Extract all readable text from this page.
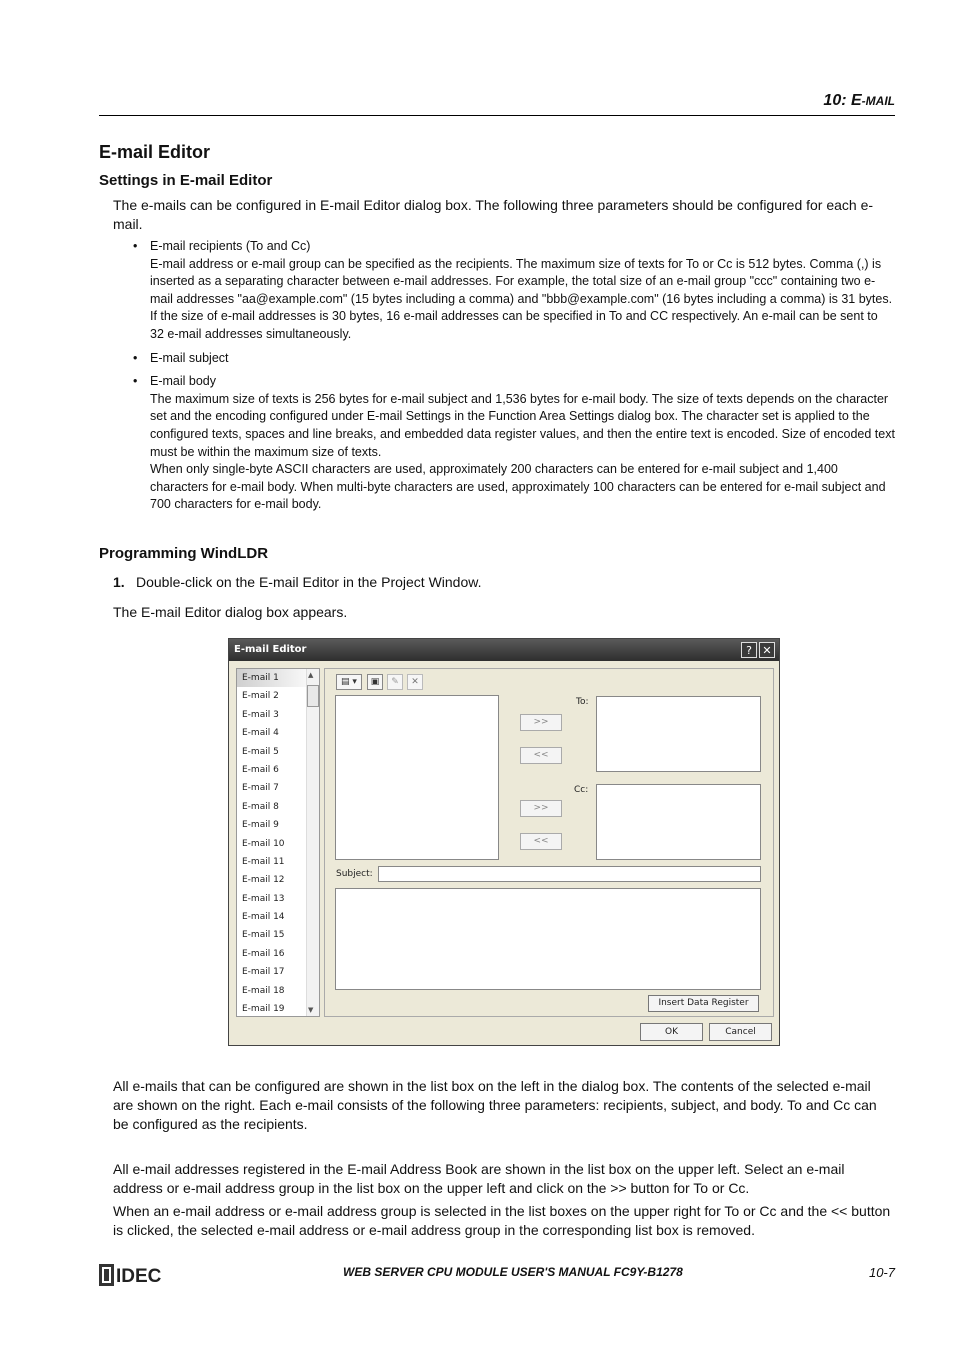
10: E-MAIL
E-mail Editor
Settings in E-mail Editor
The e-mails can be configured in E-mail Editor dialog box. The following three parameters should be configured for each e-mail.
• E-mail recipients (To and Cc)
E-mail address or e-mail group can be specified as the recipients. The maximum size of texts for To or Cc is 512 bytes. Comma (,) is inserted as a separating character between e-mail addresses. For example, the total size of an e-mail group "ccc" containing two e-mail addresses "aa@example.com" (15 bytes including a comma) and "bbb@example.com" (16 bytes including a comma) is 31 bytes. If the size of e-mail addresses is 30 bytes, 16 e-mail addresses can be specified in To and CC respectively. An e-mail can be sent to 32 e-mail addresses simultaneously.
• E-mail subject
• E-mail body
The maximum size of texts is 256 bytes for e-mail subject and 1,536 bytes for e-mail body. The size of texts depends on the character set and the encoding configured under E-mail Settings in the Function Area Settings dialog box. The character set is applied to the configured texts, spaces and line breaks, and embedded data register values, and then the entire text is encoded. Size of encoded text must be within the maximum size of texts.
When only single-byte ASCII characters are used, approximately 200 characters can be entered for e-mail subject and 1,400 characters for e-mail body. When multi-byte characters are used, approximately 100 characters can be entered for e-mail subject and 700 characters for e-mail body.
Programming WindLDR
1. Double-click on the E-mail Editor in the Project Window.
The E-mail Editor dialog box appears.
E-mail Editor	? ✕
E-mail 1
E-mail 2
E-mail 3
E-mail 4
E-mail 5
E-mail 6
E-mail 7
E-mail 8
E-mail 9
E-mail 10
E-mail 11
E-mail 12
E-mail 13
E-mail 14
E-mail 15
E-mail 16
E-mail 17
E-mail 18
E-mail 19
▲
▼
▤ ▾	▣	✎	✕
>>
<<
>>
<<
To:
Cc:
Subject:
Insert Data Register
OK	Cancel
All e-mails that can be configured are shown in the list box on the left in the dialog box. The contents of the selected e-mail are shown on the right. Each e-mail consists of the following three parameters: recipients, subject, and body. To and Cc can be configured as the recipients.
All e-mail addresses registered in the E-mail Address Book are shown in the list box on the upper left. Select an e-mail address or e-mail address group in the list box on the upper left and click on the >> button for To or Cc.
When an e-mail address or e-mail address group is selected in the list boxes on the upper right for To or Cc and the << button is clicked, the selected e-mail address or e-mail address group in the corresponding list box is removed.
IDEC	WEB SERVER CPU MODULE USER'S MANUAL FC9Y-B1278	10-7
